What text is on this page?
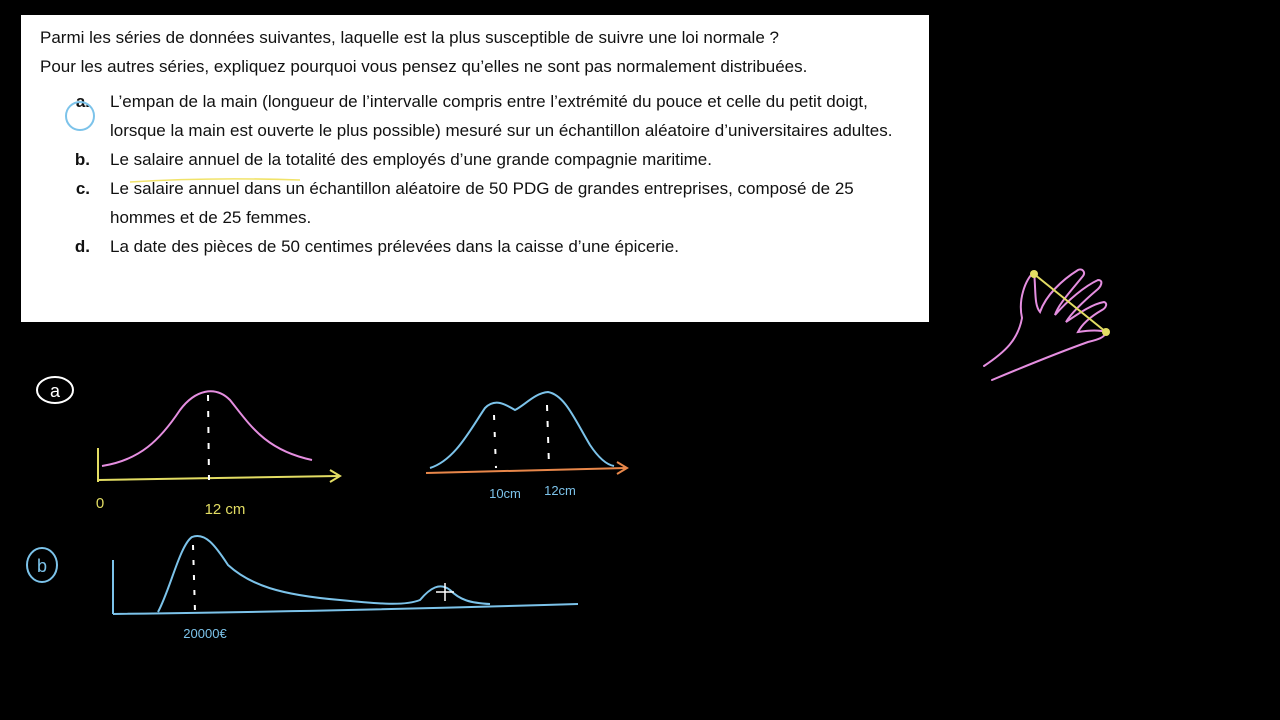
Parmi les séries de données suivantes, laquelle est la plus susceptible de suivre une loi normale ?

Pour les autres séries, expliquez pourquoi vous pensez qu’elles ne sont pas normalement distribuées.

a.	L’empan de la main (longueur de l’intervalle compris entre l’extrémité du pouce et celle du petit doigt, lorsque la main est ouverte le plus possible) mesuré sur un échantillon aléatoire d’universitaires adultes.
b.	Le salaire annuel de la totalité des employés d’une grande compagnie maritime.
c.	Le salaire annuel dans un échantillon aléatoire de 50 PDG de grandes entreprises, composé de 25 hommes et de 25 femmes.
d.	La date des pièces de 50 centimes prélevées dans la caisse d’une épicerie.
a
0	12 cm
10cm 12cm
b
20000€
